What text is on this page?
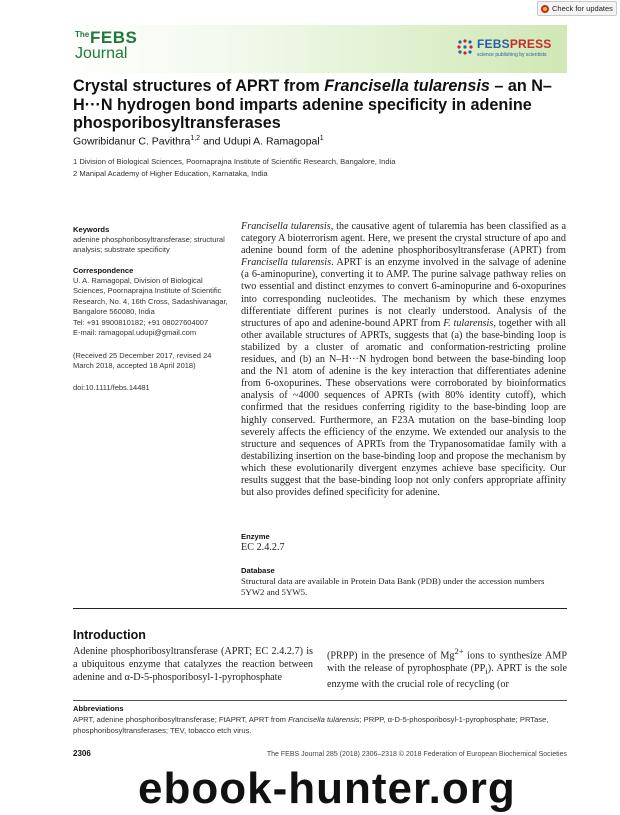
Check for updates
The FEBS
Journal
FEBSPRESS
science publishing by scientists
Crystal structures of APRT from Francisella tularensis – an N–H···N hydrogen bond imparts adenine specificity in adenine phosporibosyltransferases
Gowribidanur C. Pavithra$^{1,2}$ and Udupi A. Ramagopal$^1$
1 Division of Biological Sciences, Poornaprajna Institute of Scientific Research, Bangalore, India
2 Manipal Academy of Higher Education, Karnataka, India
Keywords
adenine phosphoribosyltransferase; structural analysis; substrate specificity
Correspondence
U. A. Ramagopal, Division of Biological Sciences, Poornaprajna Institute of Scientific Research, No. 4, 16th Cross, Sadashivanagar, Bangalore 560080, India
Tel: +91 9900810182; +91 08027604007
E-mail: ramagopal.udupi@gmail.com
(Received 25 December 2017, revised 24 March 2018, accepted 18 April 2018)
doi:10.1111/febs.14481

Francisella tularensis, the causative agent of tularemia has been classified as a category A bioterrorism agent. Here, we present the crystal structure of apo and adenine bound form of the adenine phosphoribosyltransferase (APRT) from Francisella tularensis. APRT is an enzyme involved in the salvage of adenine (a 6-aminopurine), converting it to AMP. The purine salvage pathway relies on two essential and distinct enzymes to convert 6-aminopurine and 6-oxopurines into corresponding nucleotides. The mechanism by which these enzymes differentiate different purines is not clearly understood. Analysis of the structures of apo and adenine-bound APRT from F. tularensis, together with all other available structures of APRTs, suggests that (a) the base-binding loop is stabilized by a cluster of aromatic and conformation-restricting proline residues, and (b) an N–H···N hydrogen bond between the base-binding loop and the N1 atom of adenine is the key interaction that differentiates adenine from 6-oxopurines. These observations were corroborated by bioinformatics analysis of ~4000 sequences of APRTs (with 80% identity cutoff), which confirmed that the residues conferring rigidity to the base-binding loop are highly conserved. Furthermore, an F23A mutation on the base-binding loop severely affects the efficiency of the enzyme. We extended our analysis to the structure and sequences of APRTs from the Trypanosomatidae family with a destabilizing insertion on the base-binding loop and propose the mechanism by which these evolutionarily divergent enzymes achieve base specificity. Our results suggest that the base-binding loop not only confers appropriate affinity but also provides defined specificity for adenine.

Enzyme
EC 2.4.2.7
Database
Structural data are available in Protein Data Bank (PDB) under the accession numbers 5YW2 and 5YW5.
Introduction

Adenine phosphoribosyltransferase (APRT; EC 2.4.2.7) is a ubiquitous enzyme that catalyzes the reaction between adenine and α-D-5-phosporibosyl-1-pyrophosphate

(PRPP) in the presence of $Mg^{2+}$ ions to synthesize AMP with the release of pyrophosphate $(PP_i)$. APRT is the sole enzyme with the crucial role of recycling (or

Abbreviations
APRT, adenine phosphoribosyltransferase; FtAPRT, APRT from Francisella tularensis; PRPP, α-D-5-phosporibosyl-1-pyrophosphate; PRTase, phosphoribosyltransferases; TEV, tobacco etch virus.
2306	The FEBS Journal 285 (2018) 2306–2318 © 2018 Federation of European Biochemical Societies
ebook-hunter.org
